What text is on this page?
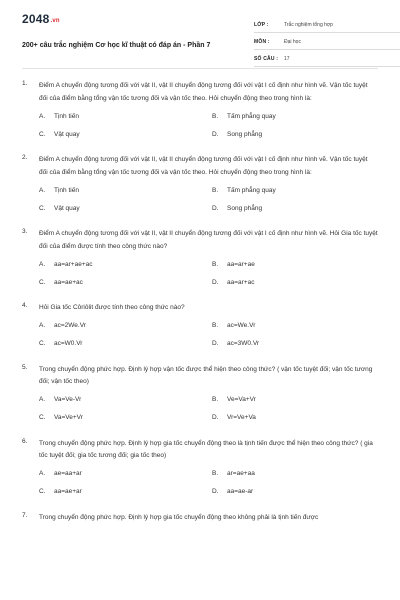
2048.vn
200+ câu trắc nghiệm Cơ học kĩ thuật có đáp án - Phần 7
LỚP :	Trắc nghiệm tổng hợp
MÔN :	Đại học
SỐ CÂU :	17
1. Điểm A chuyển động tương đối với vật II, vật II chuyển động tương đối với vật I cố định như hình vẽ. Vận tốc tuyệt đối của điểm bằng tổng vận tốc tương đối và vận tốc theo. Hỏi chuyển động theo trong hình là:
A.	Tịnh tiến	B.	Tấm phẳng quay
C.	Vật quay	D.	Song phẳng
2. Điểm A chuyển động tương đối với vật II, vật II chuyển động tương đối với vật I cố định như hình vẽ. Vận tốc tuyệt đối của điểm bằng tổng vận tốc tương đối và vận tốc theo. Hỏi chuyển động theo trong hình là:
A.	Tịnh tiến	B.	Tấm phẳng quay
C.	Vật quay	D.	Song phẳng
3. Điểm A chuyển động tương đối với vật II, vật II chuyển động tương đối với vật I cố định như hình vẽ. Hỏi Gia tốc tuyệt đối của điểm được tính theo công thức nào?
A.	aa=ar+ae+ac	B.	aa=ar+ae
C.	aa=ae+ac	D.	aa=ar+ac
4. Hỏi Gia tốc Côriôlit được tính theo công thức nào?
A.	ac=2We.Vr	B.	ac=We.Vr
C.	ac=W0.Vr	D.	ac=3W0.Vr
5. Trong chuyển động phức hợp. Định lý hợp vận tốc được thể hiện theo công thức? ( vận tốc tuyệt đối; vận tốc tương đối; vận tốc theo)
A.	Va=Ve-Vr	B.	Ve=Va+Vr
C.	Va=Ve+Vr	D.	Vr=Ve+Va
6. Trong chuyển động phức hợp. Định lý hợp gia tốc chuyển động theo là tịnh tiến được thể hiện theo công thức? ( gia tốc tuyệt đối; gia tốc tương đối; gia tốc theo)
A.	ae=aa+ar	B.	ar=ae+aa
C.	aa=ae+ar	D.	aa=ae-ar
7. Trong chuyển động phức hợp. Định lý hợp gia tốc chuyển động theo không phải là tịnh tiến được
